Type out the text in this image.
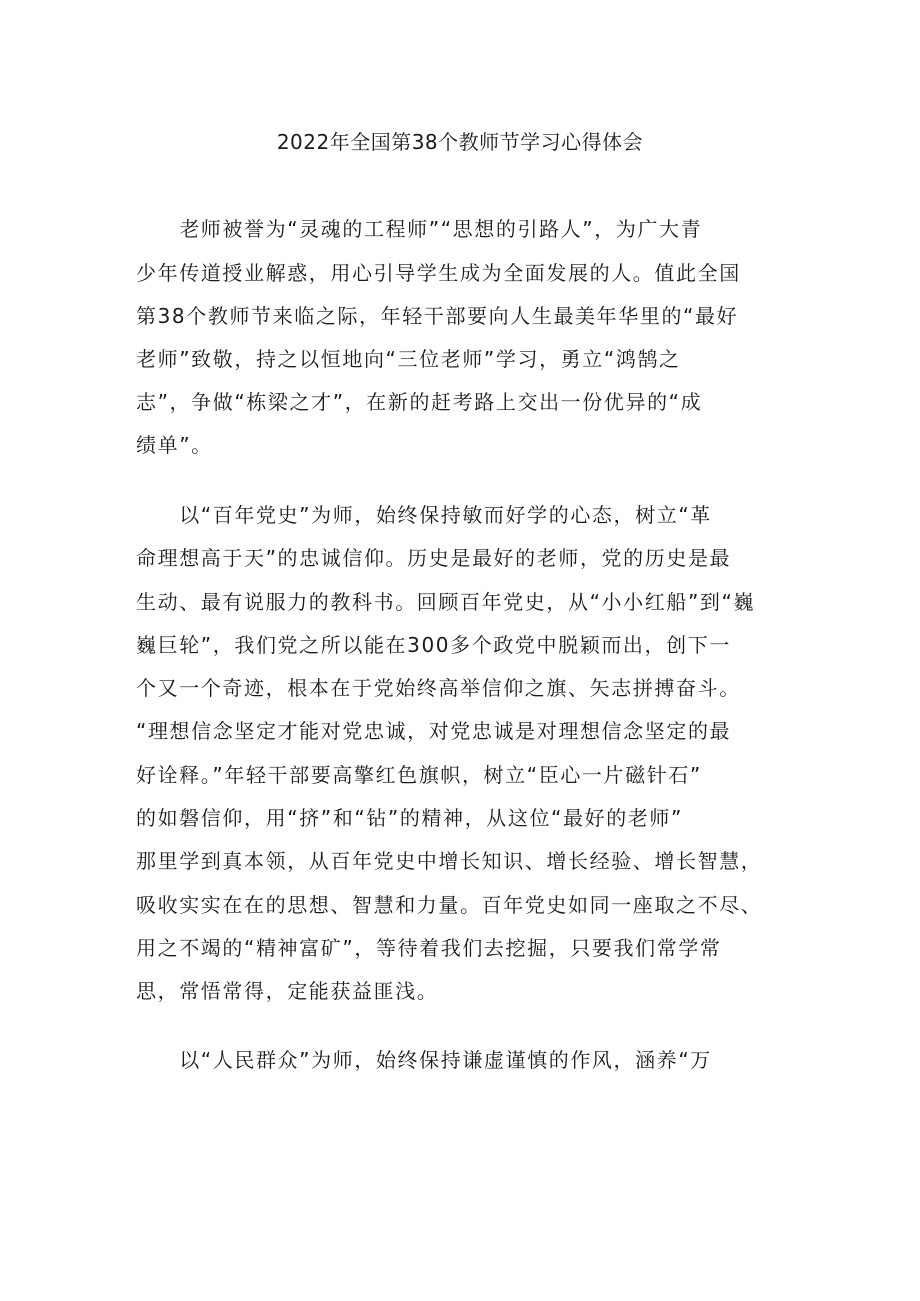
2022年全国第38个教师节学习心得体会
　　老师被誉为“灵魂的工程师”“思想的引路人”，为广大青
少年传道授业解惑，用心引导学生成为全面发展的人。值此全国
第38个教师节来临之际，年轻干部要向人生最美年华里的“最好
老师”致敬，持之以恒地向“三位老师”学习，勇立“鸿鹄之
志”，争做“栋梁之才”，在新的赶考路上交出一份优异的“成
绩单”。
　　以“百年党史”为师，始终保持敏而好学的心态，树立“革
命理想高于天”的忠诚信仰。历史是最好的老师，党的历史是最
生动、最有说服力的教科书。回顾百年党史，从“小小红船”到“巍
巍巨轮”，我们党之所以能在300多个政党中脱颖而出，创下一
个又一个奇迹，根本在于党始终高举信仰之旗、矢志拼搏奋斗。
“理想信念坚定才能对党忠诚，对党忠诚是对理想信念坚定的最
好诠释。”年轻干部要高擎红色旗帜，树立“臣心一片磁针石”
的如磐信仰，用“挤”和“钻”的精神，从这位“最好的老师”
那里学到真本领，从百年党史中增长知识、增长经验、增长智慧，
吸收实实在在的思想、智慧和力量。百年党史如同一座取之不尽、
用之不竭的“精神富矿”，等待着我们去挖掘，只要我们常学常
思，常悟常得，定能获益匪浅。
　　以“人民群众”为师，始终保持谦虚谨慎的作风，涵养“万
